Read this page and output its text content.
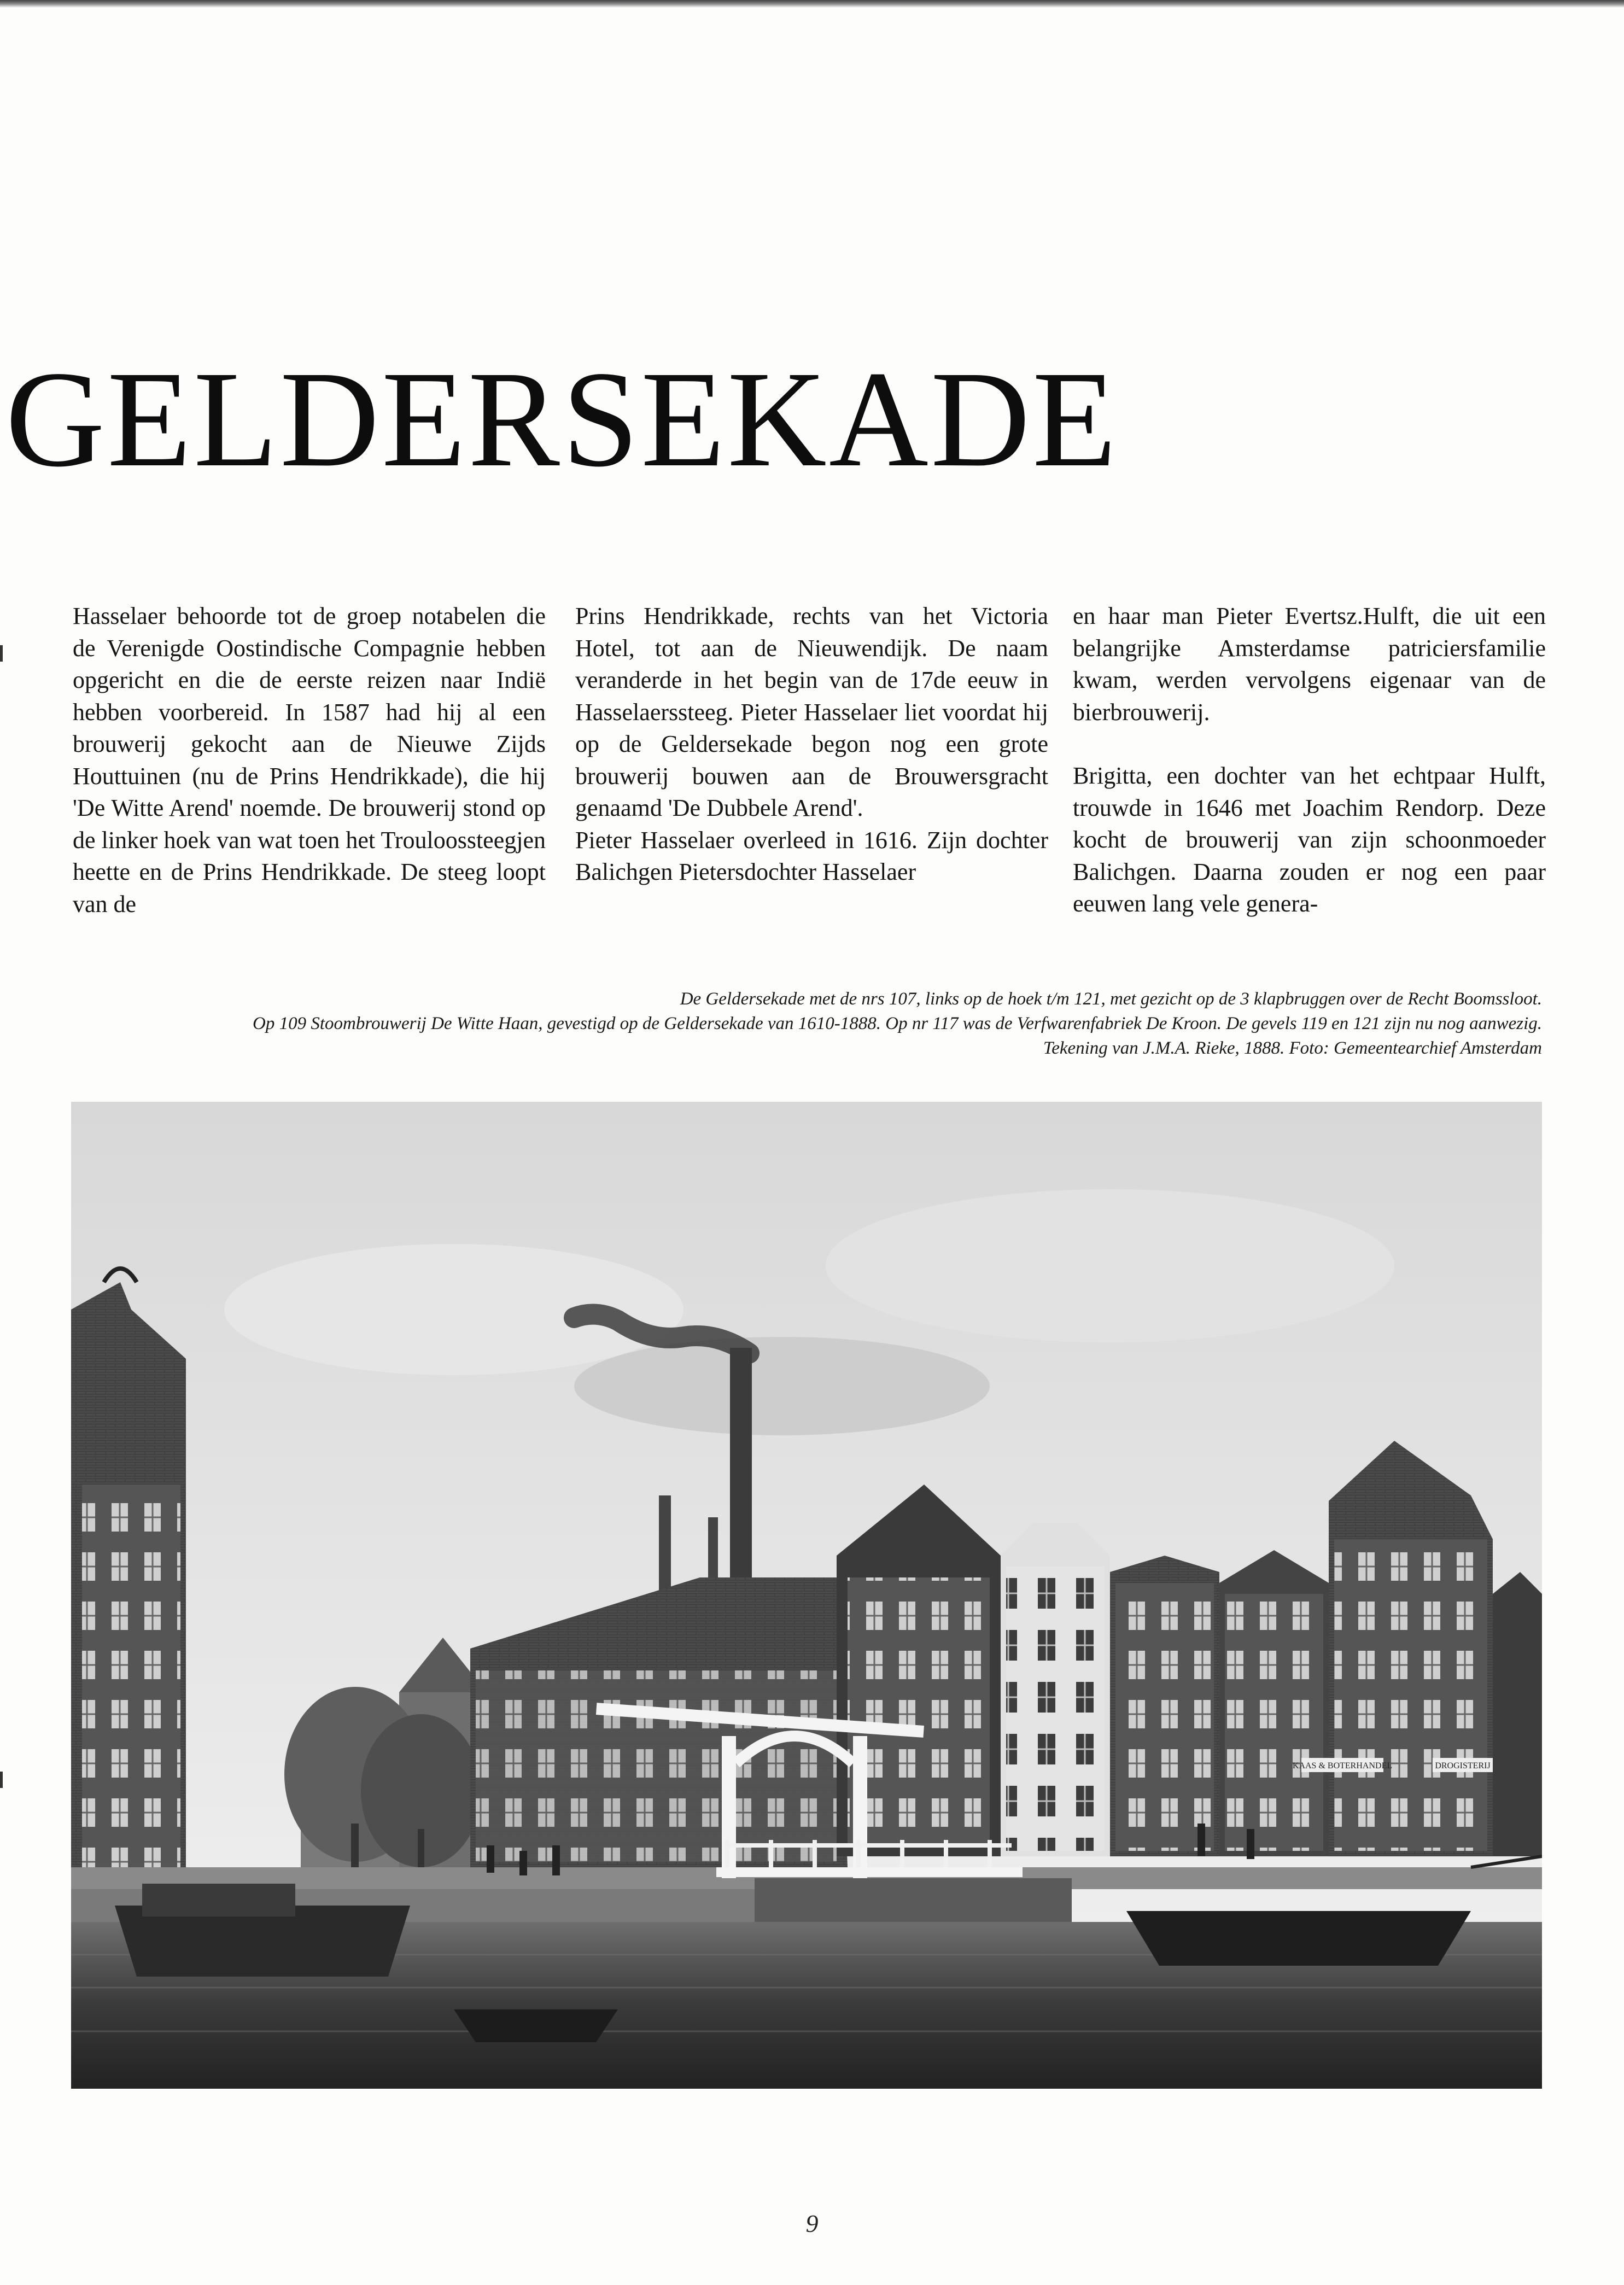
GELDERSEKADE

Hasselaer behoorde tot de groep notabelen die de Verenigde Oostindische Compagnie hebben opgericht en die de eerste reizen naar Indië hebben voorbereid. In 1587 had hij al een brouwerij gekocht aan de Nieuwe Zijds Houttuinen (nu de Prins Hendrikkade), die hij 'De Witte Arend' noemde. De brouwerij stond op de linker hoek van wat toen het Trouloossteegjen heette en de Prins Hendrikkade. De steeg loopt van de

Prins Hendrikkade, rechts van het Victoria Hotel, tot aan de Nieuwendijk. De naam veranderde in het begin van de 17de eeuw in Hasselaerssteeg. Pieter Hasselaer liet voordat hij op de Geldersekade begon nog een grote brouwerij bouwen aan de Brouwersgracht genaamd 'De Dubbele Arend'.

Pieter Hasselaer overleed in 1616. Zijn dochter Balichgen Pietersdochter Hasselaer

en haar man Pieter Evertsz.Hulft, die uit een belangrijke Amsterdamse patriciersfamilie kwam, werden vervolgens eigenaar van de bierbrouwerij.

Brigitta, een dochter van het echtpaar Hulft, trouwde in 1646 met Joachim Rendorp. Deze kocht de brouwerij van zijn schoonmoeder Balichgen. Daarna zouden er nog een paar eeuwen lang vele genera-

De Geldersekade met de nrs 107, links op de hoek t/m 121, met gezicht op de 3 klapbruggen over de Recht Boomssloot.
Op 109 Stoombrouwerij De Witte Haan, gevestigd op de Geldersekade van 1610-1888. Op nr 117 was de Verfwarenfabriek De Kroon. De gevels 119 en 121 zijn nu nog aanwezig.
Tekening van J.M.A. Rieke, 1888. Foto: Gemeentearchief Amsterdam
KAAS & BOTERHANDEL	DROGISTERIJ
9
